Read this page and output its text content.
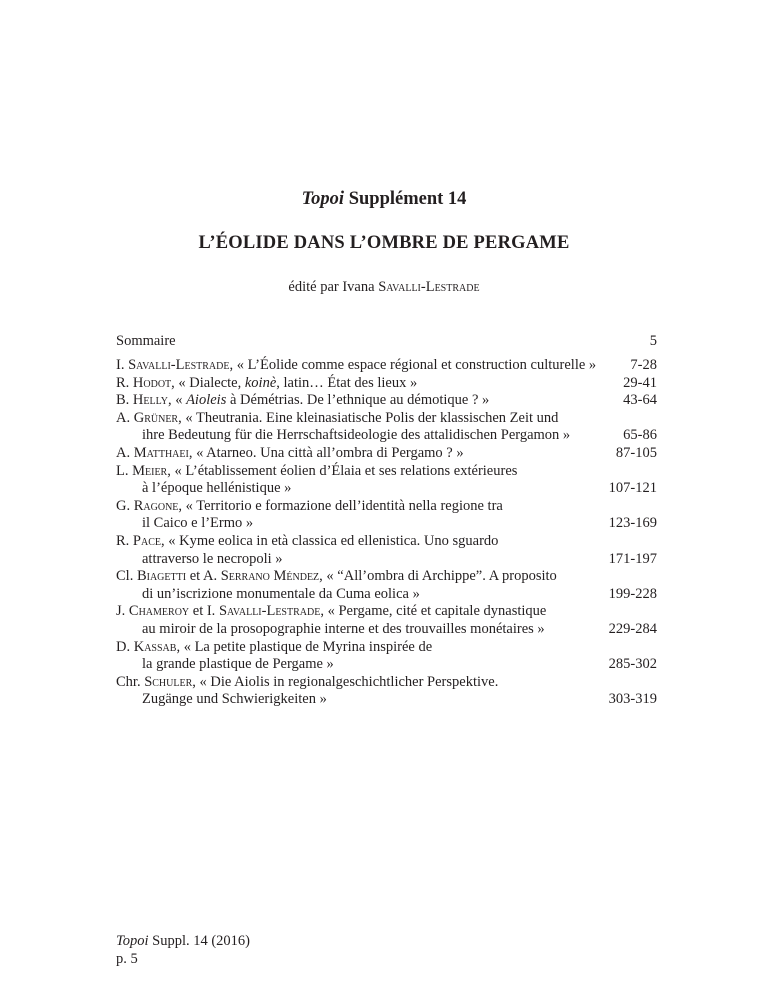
Topoi Supplément 14
L’ÉOLIDE DANS L’OMBRE DE PERGAME
édité par Ivana Savalli-Lestrade
Sommaire	5
I. Savalli-Lestrade, « L’Éolide comme espace régional et construction culturelle »	7-28
R. Hodot, « Dialecte, koinè, latin… État des lieux »	29-41
B. Helly, « Aioleis à Démétrias. De l’ethnique au démotique ? »	43-64
A. Grüner, « Theutrania. Eine kleinasiatische Polis der klassischen Zeit und
ihre Bedeutung für die Herrschaftsideologie des attalidischen Pergamon »	65-86
A. Matthaei, « Atarneo. Una città all’ombra di Pergamo ? »	87-105
L. Meier, « L’établissement éolien d’Élaia et ses relations extérieures
à l’époque hellénistique »	107-121
G. Ragone, « Territorio e formazione dell’identità nella regione tra
il Caico e l’Ermo »	123-169
R. Pace, « Kyme eolica in età classica ed ellenistica. Uno sguardo
attraverso le necropoli »	171-197
Cl. Biagetti et A. Serrano Méndez, « “All’ombra di Archippe”. A proposito
di un’iscrizione monumentale da Cuma eolica »	199-228
J. Chameroy et I. Savalli-Lestrade, « Pergame, cité et capitale dynastique
au miroir de la prosopographie interne et des trouvailles monétaires »	229-284
D. Kassab, « La petite plastique de Myrina inspirée de
la grande plastique de Pergame »	285-302
Chr. Schuler, « Die Aiolis in regionalgeschichtlicher Perspektive.
Zugänge und Schwierigkeiten »	303-319
Topoi Suppl. 14 (2016)
p. 5
